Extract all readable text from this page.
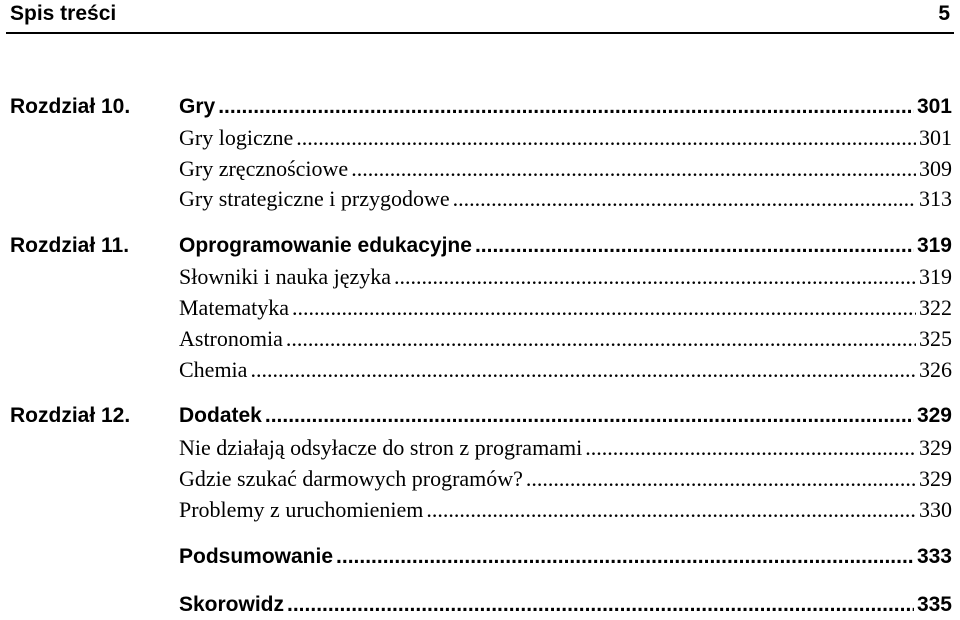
Spis treści	5
Rozdział 10. Gry .....	301
Gry logiczne .....	301
Gry zręcznościowe .....	309
Gry strategiczne i przygodowe .....	313
Rozdział 11. Oprogramowanie edukacyjne .....	319
Słowniki i nauka języka .....	319
Matematyka .....	322
Astronomia .....	325
Chemia .....	326
Rozdział 12. Dodatek .....	329
Nie działają odsyłacze do stron z programami .....	329
Gdzie szukać darmowych programów? .....	329
Problemy z uruchomieniem .....	330
Podsumowanie .....	333
Skorowidz .....	335
